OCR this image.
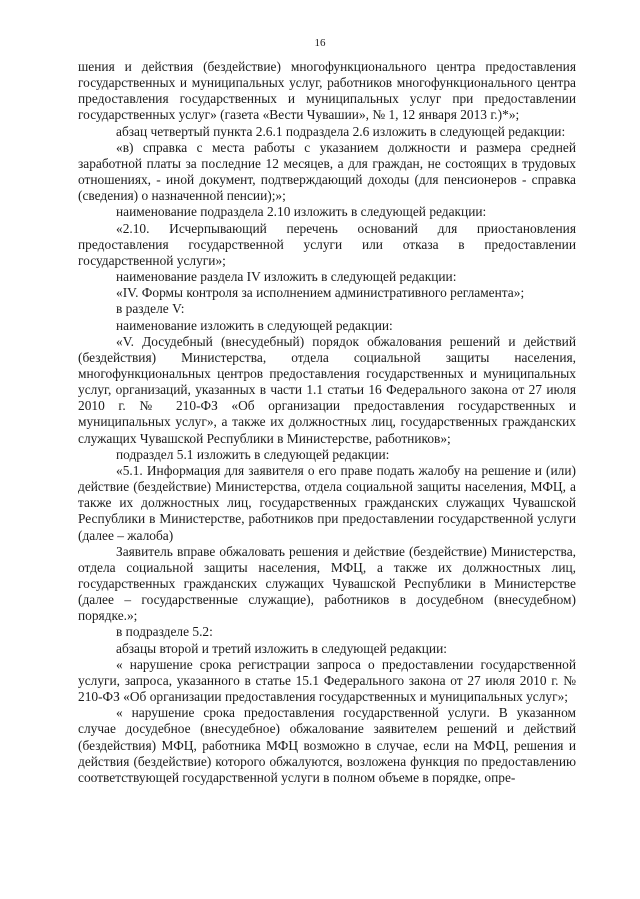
16

шения и действия (бездействие) многофункционального центра предоставления государственных и муниципальных услуг, работников многофункционального центра предоставления государственных и муниципальных услуг при предоставлении государственных услуг» (газета «Вести Чувашии», № 1, 12 января 2013 г.)*»;

абзац четвертый пункта 2.6.1 подраздела 2.6 изложить в следующей редакции:

«в) справка с места работы с указанием должности и размера средней заработной платы за последние 12 месяцев, а для граждан, не состоящих в трудовых отношениях, - иной документ, подтверждающий доходы (для пенсионеров - справка (сведения) о назначенной пенсии);»;

наименование подраздела 2.10 изложить в следующей редакции:

«2.10. Исчерпывающий перечень оснований для приостановления предоставления государственной услуги или отказа в предоставлении государственной услуги»;

наименование раздела IV изложить в следующей редакции:

«IV. Формы контроля за исполнением административного регламента»;

в разделе V:

наименование изложить в следующей редакции:

«V. Досудебный (внесудебный) порядок обжалования решений и действий (бездействия) Министерства, отдела социальной защиты населения, многофункциональных центров предоставления государственных и муниципальных услуг, организаций, указанных в части 1.1 статьи 16 Федерального закона от 27 июля 2010 г. № 210-ФЗ «Об организации предоставления государственных и муниципальных услуг», а также их должностных лиц, государственных гражданских служащих Чувашской Республики в Министерстве, работников»;

подраздел 5.1 изложить в следующей редакции:

«5.1. Информация для заявителя о его праве подать жалобу на решение и (или) действие (бездействие) Министерства, отдела социальной защиты населения, МФЦ, а также их должностных лиц, государственных гражданских служащих Чувашской Республики в Министерстве, работников при предоставлении государственной услуги (далее – жалоба)

Заявитель вправе обжаловать решения и действие (бездействие) Министерства, отдела социальной защиты населения, МФЦ, а также их должностных лиц, государственных гражданских служащих Чувашской Республики в Министерстве (далее – государственные служащие), работников в досудебном (внесудебном) порядке.»;

в подразделе 5.2:

абзацы второй и третий изложить в следующей редакции:

« нарушение срока регистрации запроса о предоставлении государственной услуги, запроса, указанного в статье 15.1 Федерального закона от 27 июля 2010 г. № 210-ФЗ «Об организации предоставления государственных и муниципальных услуг»;

« нарушение срока предоставления государственной услуги. В указанном случае досудебное (внесудебное) обжалование заявителем решений и действий (бездействия) МФЦ, работника МФЦ возможно в случае, если на МФЦ, решения и действия (бездействие) которого обжалуются, возложена функция по предоставлению соответствующей государственной услуги в полном объеме в порядке, опре-
